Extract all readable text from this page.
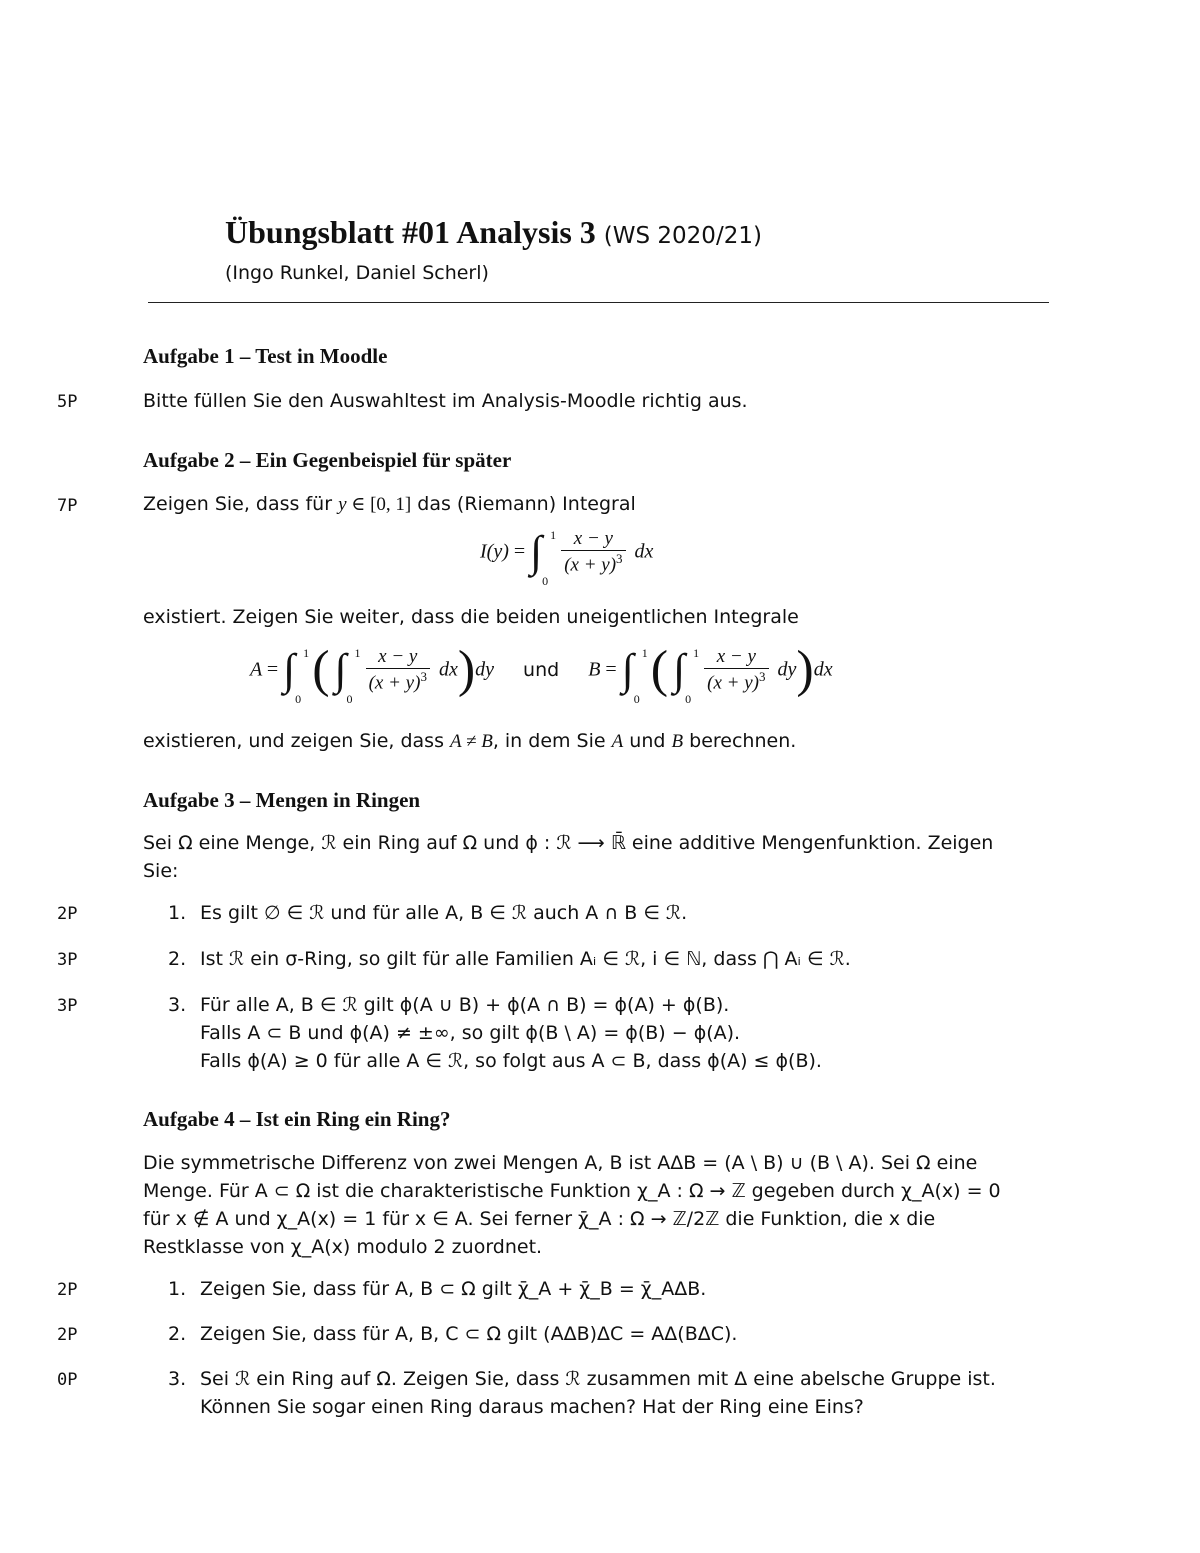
Übungsblatt #01 Analysis 3 (WS 2020/21)
(Ingo Runkel, Daniel Scherl)
Aufgabe 1 – Test in Moodle
5P	Bitte füllen Sie den Auswahltest im Analysis-Moodle richtig aus.
Aufgabe 2 – Ein Gegenbeispiel für später
7P	Zeigen Sie, dass für y ∈ [0, 1] das (Riemann) Integral
I(y) = ∫ 1
0

$\frac{x - y}{(x + y)^3}$ dx
existiert. Zeigen Sie weiter, dass die beiden uneigentlichen Integrale
A = ∫ 1
0
( ∫ 1
0

$\frac{x - y}{(x + y)^3} dx)dy$ und B = ∫ 1
0
( ∫ 1
0

$\frac{x - y}{(x + y)^3} dy)dx$
existieren, und zeigen Sie, dass A ≠ B, in dem Sie A und B berechnen.
Aufgabe 3 – Mengen in Ringen
Sei Ω eine Menge, ℛ ein Ring auf Ω und ϕ : ℛ ⟶ ℝ̄ eine additive Mengenfunktion. Zeigen
Sie:
2P	1. Es gilt ∅ ∈ ℛ und für alle A, B ∈ ℛ auch A ∩ B ∈ ℛ.
3P	2. Ist ℛ ein σ-Ring, so gilt für alle Familien Aᵢ ∈ ℛ, i ∈ ℕ, dass ⋂ Aᵢ ∈ ℛ.
3P	3. Für alle A, B ∈ ℛ gilt ϕ(A ∪ B) + ϕ(A ∩ B) = ϕ(A) + ϕ(B).
Falls A ⊂ B und ϕ(A) ≠ ±∞, so gilt ϕ(B \ A) = ϕ(B) − ϕ(A).
Falls ϕ(A) ≥ 0 für alle A ∈ ℛ, so folgt aus A ⊂ B, dass ϕ(A) ≤ ϕ(B).
Aufgabe 4 – Ist ein Ring ein Ring?
Die symmetrische Differenz von zwei Mengen A, B ist AΔB = (A \ B) ∪ (B \ A). Sei Ω eine
Menge. Für A ⊂ Ω ist die charakteristische Funktion χ_A : Ω → ℤ gegeben durch χ_A(x) = 0
für x ∉ A und χ_A(x) = 1 für x ∈ A. Sei ferner χ̄_A : Ω → ℤ/2ℤ die Funktion, die x die
Restklasse von χ_A(x) modulo 2 zuordnet.
2P	1. Zeigen Sie, dass für A, B ⊂ Ω gilt χ̄_A + χ̄_B = χ̄_AΔB.
2P	2. Zeigen Sie, dass für A, B, C ⊂ Ω gilt (AΔB)ΔC = AΔ(BΔC).
0P	3. Sei ℛ ein Ring auf Ω. Zeigen Sie, dass ℛ zusammen mit Δ eine abelsche Gruppe ist.
Können Sie sogar einen Ring daraus machen? Hat der Ring eine Eins?
